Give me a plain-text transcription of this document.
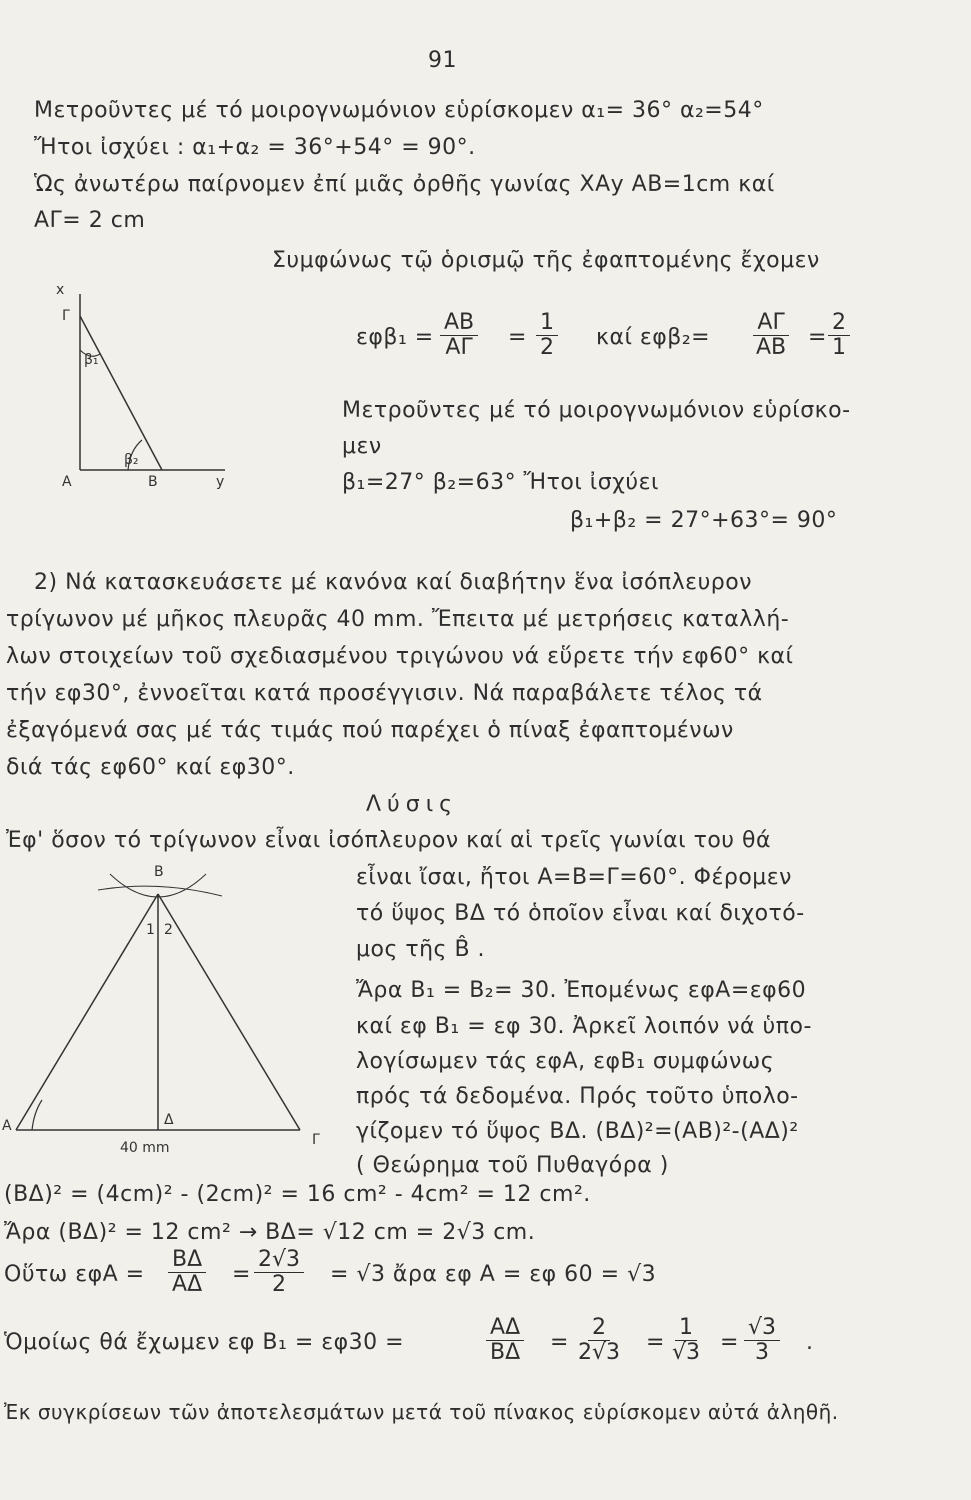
91
Μετροῦντες μέ τό μοιρογνωμόνιον εὑρίσκομεν α₁= 36° α₂=54°
Ἤτοι ἰσχύει : α₁+α₂ = 36°+54° = 90°.
Ὡς ἀνωτέρω παίρνομεν ἐπί μιᾶς ὀρθῆς γωνίας ΧΑy ΑΒ=1cm καί
ΑΓ= 2 cm
Συμφώνως τῷ ὁρισμῷ τῆς ἐφαπτομένης ἔχομεν
$\varepsilon\varphi\beta_1 = \frac{AB}{A\Gamma} = \frac{1}{2}$ καί $\varepsilon\varphi\beta_2= \frac{A\Gamma}{AB} = \frac{2}{1}$
Μετροῦντες μέ τό μοιρογνωμόνιον εὑρίσκο-
μεν
β₁=27° β₂=63° Ἤτοι ἰσχύει
β₁+β₂ = 27°+63°= 90°
x
Γ
β₁
β₂
Α	Β	y
2) Νά κατασκευάσετε μέ κανόνα καί διαβήτην ἕνα ἰσόπλευρον
τρίγωνον μέ μῆκος πλευρᾶς 40 mm. Ἔπειτα μέ μετρήσεις καταλλή-
λων στοιχείων τοῦ σχεδιασμένου τριγώνου νά εὕρετε τήν εφ60° καί
τήν εφ30°, ἐννοεῖται κατά προσέγγισιν. Νά παραβάλετε τέλος τά
ἐξαγόμενά σας μέ τάς τιμάς πού παρέχει ὁ πίναξ ἐφαπτομένων
διά τάς εφ60° καί εφ30°.
Λύσις
Ἐφ' ὅσον τό τρίγωνον εἶναι ἰσόπλευρον καί αἱ τρεῖς γωνίαι του θά
εἶναι ἴσαι, ἤτοι Α=Β=Γ=60°. Φέρομεν
τό ὕψος ΒΔ τό ὁποῖον εἶναι καί διχοτό-
μος τῆς B̂ .
Ἄρα Β₁ = Β₂= 30. Ἐπομένως εφΑ=εφ60
καί εφ Β₁ = εφ 30. Ἀρκεῖ λοιπόν νά ὑπο-
λογίσωμεν τάς εφΑ, εφΒ₁ συμφώνως
πρός τά δεδομένα. Πρός τοῦτο ὑπολο-
γίζομεν τό ὕψος ΒΔ. (ΒΔ)²=(ΑΒ)²-(ΑΔ)²
( Θεώρημα τοῦ Πυθαγόρα )
Β
1 2
Α	Δ
Γ
40 mm
(ΒΔ)² = (4cm)² - (2cm)² = 16 cm² - 4cm² = 12 cm².
Ἄρα (ΒΔ)² = 12 cm² → ΒΔ= √12 cm = 2√3 cm.
Οὕτω $\varepsilon\varphi A = \frac{B\Delta}{A\Delta} = \frac{2√3}{2} = √3$ ἄρα εφ Α = εφ 60 = √3
Ὁμοίως θά ἔχωμεν εφ Β₁ = εφ30 =	$\frac{A\Delta}{B\Delta} = \frac{2}{2√3} = \frac{1}{√3} = \frac{√3}{3}$ .
Ἐκ συγκρίσεων τῶν ἀποτελεσμάτων μετά τοῦ πίνακος εὑρίσκομεν αὐτά ἀληθῆ.
